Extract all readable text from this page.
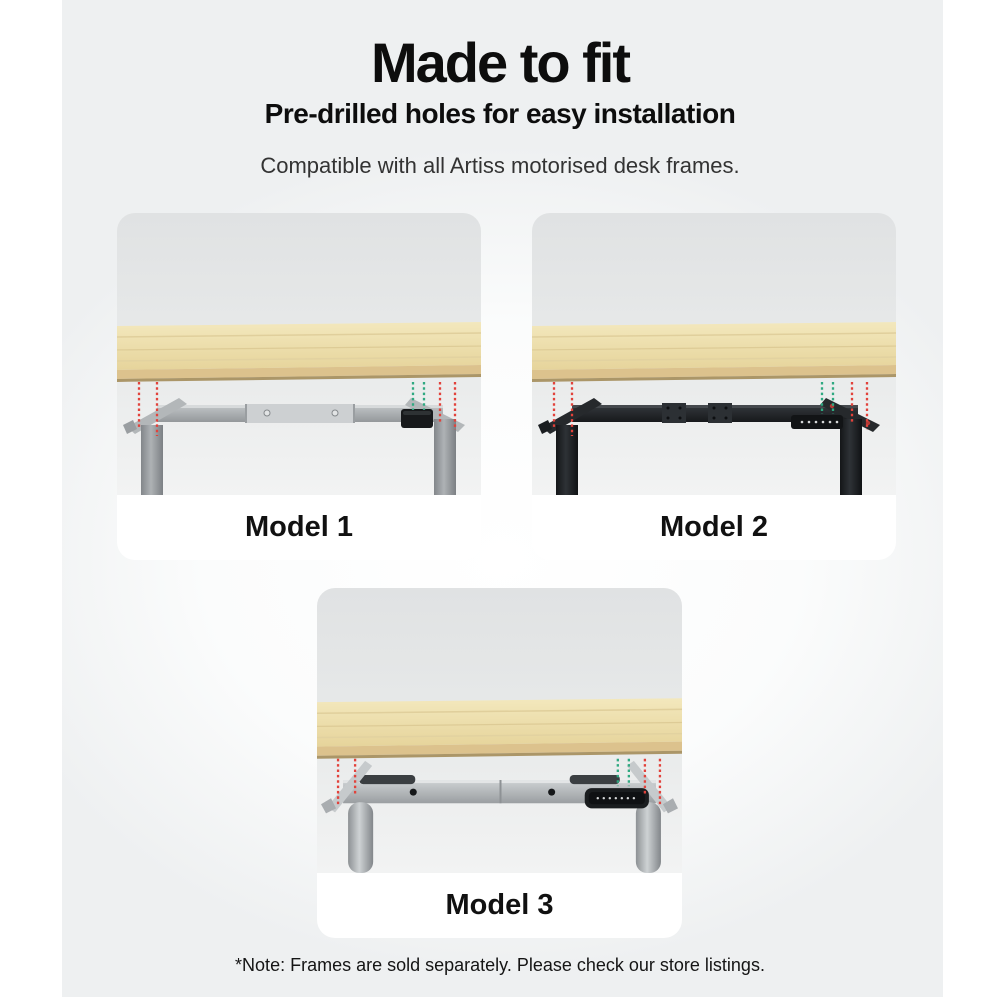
Made to fit
Pre-drilled holes for easy installation
Compatible with all Artiss motorised desk frames.
Model 1	Model 2
Model 3
*Note: Frames are sold separately. Please check our store listings.
